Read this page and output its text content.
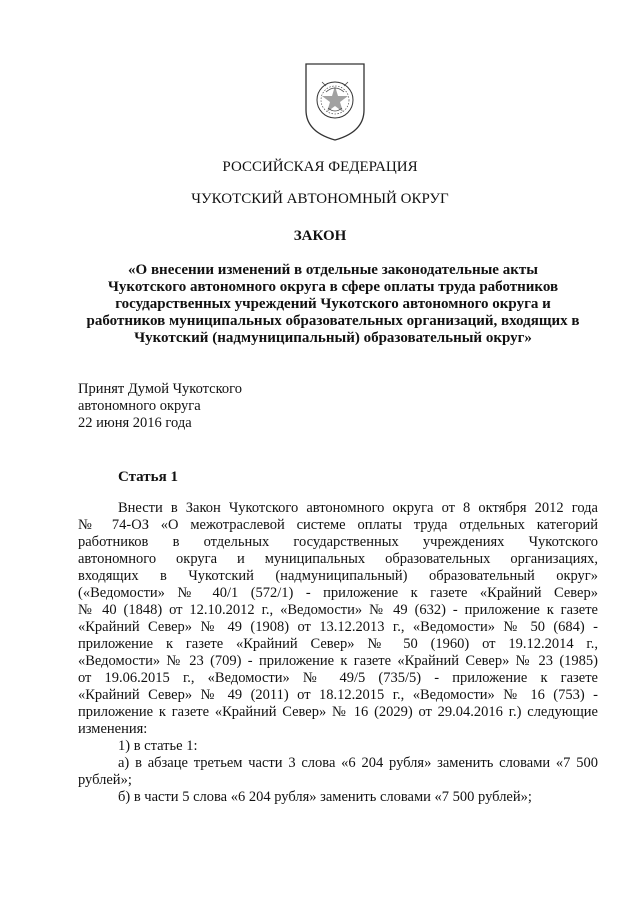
РОССИЙСКАЯ ФЕДЕРАЦИЯ

ЧУКОТСКИЙ АВТОНОМНЫЙ ОКРУГ

ЗАКОН

«О внесении изменений в отдельные законодательные акты
Чукотского автономного округа в сфере оплаты труда работников
государственных учреждений Чукотского автономного округа и
работников муниципальных образовательных организаций, входящих в
Чукотский (надмуниципальный) образовательный округ»
Принят Думой Чукотского
автономного округа
22 июня 2016 года
Статья 1
Внести в Закон Чукотского автономного округа от 8 октября 2012 года
№ 74-ОЗ «О межотраслевой системе оплаты труда отдельных категорий
работников в отдельных государственных учреждениях Чукотского
автономного округа и муниципальных образовательных организациях,
входящих в Чукотский (надмуниципальный) образовательный округ»
(«Ведомости» № 40/1 (572/1) - приложение к газете «Крайний Север»
№ 40 (1848) от 12.10.2012 г., «Ведомости» № 49 (632) - приложение к газете
«Крайний Север» № 49 (1908) от 13.12.2013 г., «Ведомости» № 50 (684) -
приложение к газете «Крайний Север» № 50 (1960) от 19.12.2014 г.,
«Ведомости» № 23 (709) - приложение к газете «Крайний Север» № 23 (1985)
от 19.06.2015 г., «Ведомости» № 49/5 (735/5) - приложение к газете
«Крайний Север» № 49 (2011) от 18.12.2015 г., «Ведомости» № 16 (753) -
приложение к газете «Крайний Север» № 16 (2029) от 29.04.2016 г.) следующие
изменения:
1) в статье 1:
а) в абзаце третьем части 3 слова «6 204 рубля» заменить словами «7 500
рублей»;
б) в части 5 слова «6 204 рубля» заменить словами «7 500 рублей»;
